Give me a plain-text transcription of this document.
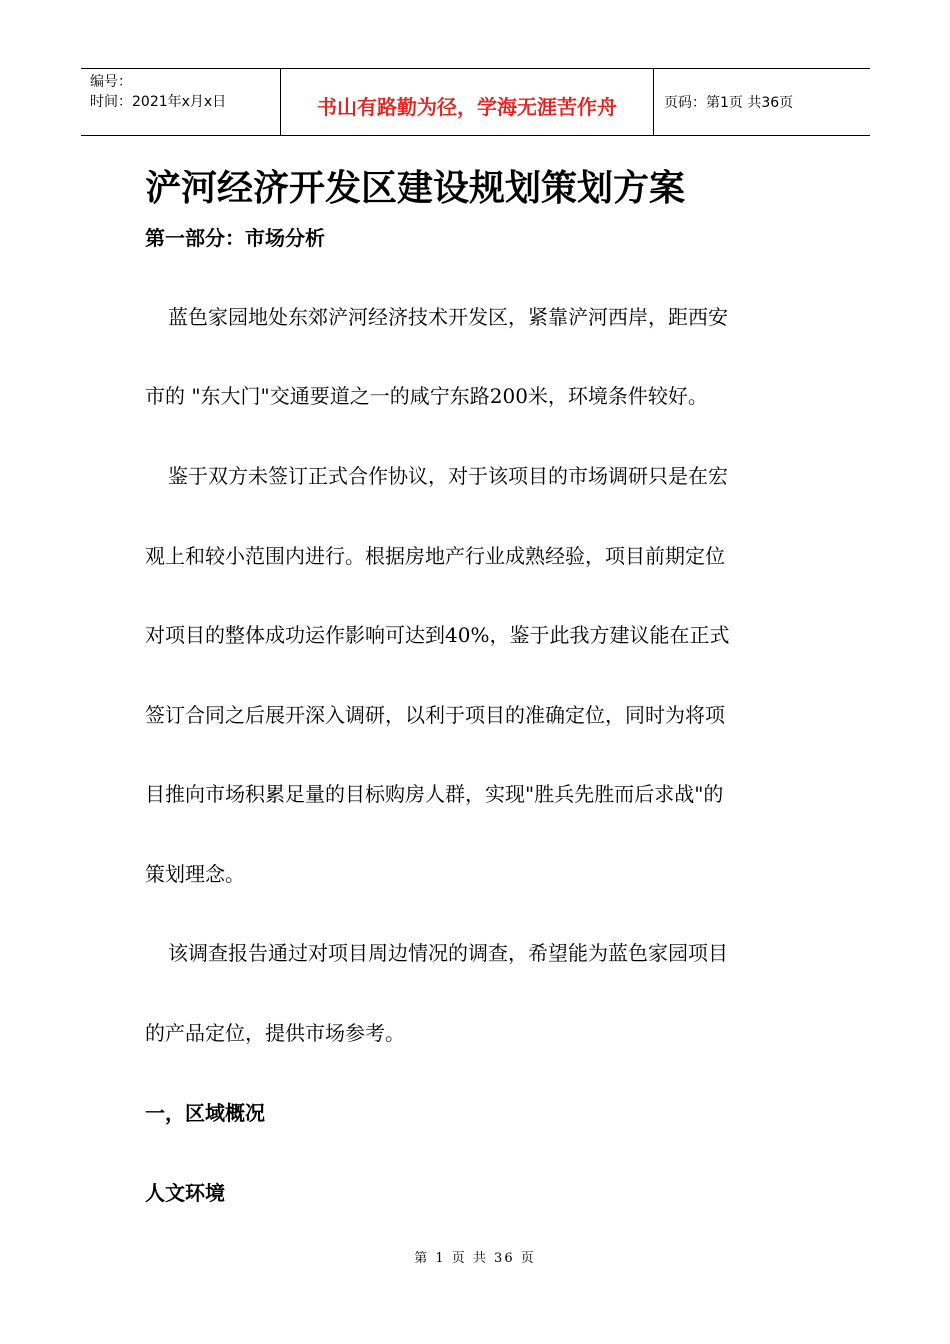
编号：
时间：2021年x月x日	书山有路勤为径，学海无涯苦作舟	页码：第1页 共36页
浐河经济开发区建设规划策划方案
第一部分：市场分析
蓝色家园地处东郊浐河经济技术开发区，紧靠浐河西岸，距西安
市的 "东大门"交通要道之一的咸宁东路200米，环境条件较好。
鉴于双方未签订正式合作协议，对于该项目的市场调研只是在宏
观上和较小范围内进行。根据房地产行业成熟经验，项目前期定位
对项目的整体成功运作影响可达到40%，鉴于此我方建议能在正式
签订合同之后展开深入调研，以利于项目的准确定位，同时为将项
目推向市场积累足量的目标购房人群，实现"胜兵先胜而后求战"的
策划理念。
该调查报告通过对项目周边情况的调查，希望能为蓝色家园项目
的产品定位，提供市场参考。
一，区域概况
人文环境
第 1 页 共 36 页
